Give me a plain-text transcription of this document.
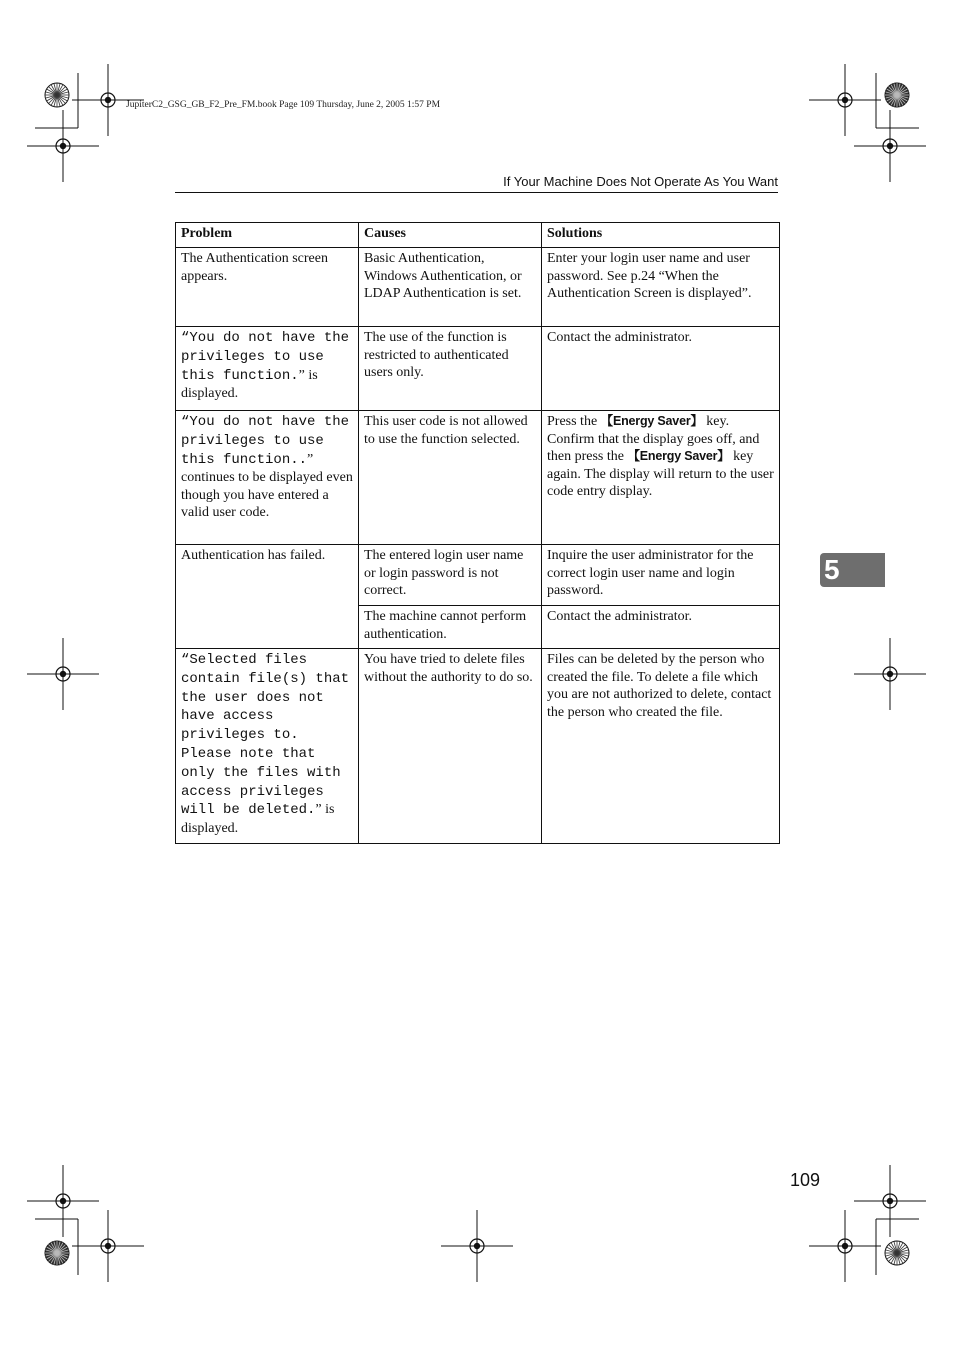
JupiterC2_GSG_GB_F2_Pre_FM.book Page 109 Thursday, June 2, 2005 1:57 PM
If Your Machine Does Not Operate As You Want
Problem	Causes	Solutions
The Authentication screen appears.	Basic Authentication, Windows Authentication, or LDAP Authentication is set.	Enter your login user name and user password. See p.24 “When the Authentication Screen is displayed”.
“You do not have the privileges to use this function.” is displayed.	The use of the function is restricted to authenticated users only.	Contact the administrator.
“You do not have the privileges to use this function..” continues to be displayed even though you have entered a valid user code.	This user code is not allowed to use the function selected.	Press the 【Energy Saver】 key. Confirm that the display goes off, and then press the 【Energy Saver】 key again. The display will return to the user code entry display.
Authentication has failed.	The entered login user name or login password is not correct.	Inquire the user administrator for the correct login user name and login password.
	The machine cannot perform authentication.	Contact the administrator.
“Selected files contain file(s) that the user does not have access privileges to. Please note that only the files with access privileges will be deleted.” is displayed.	You have tried to delete files without the authority to do so.	Files can be deleted by the person who created the file. To delete a file which you are not authorized to delete, contact the person who created the file.
5
109
